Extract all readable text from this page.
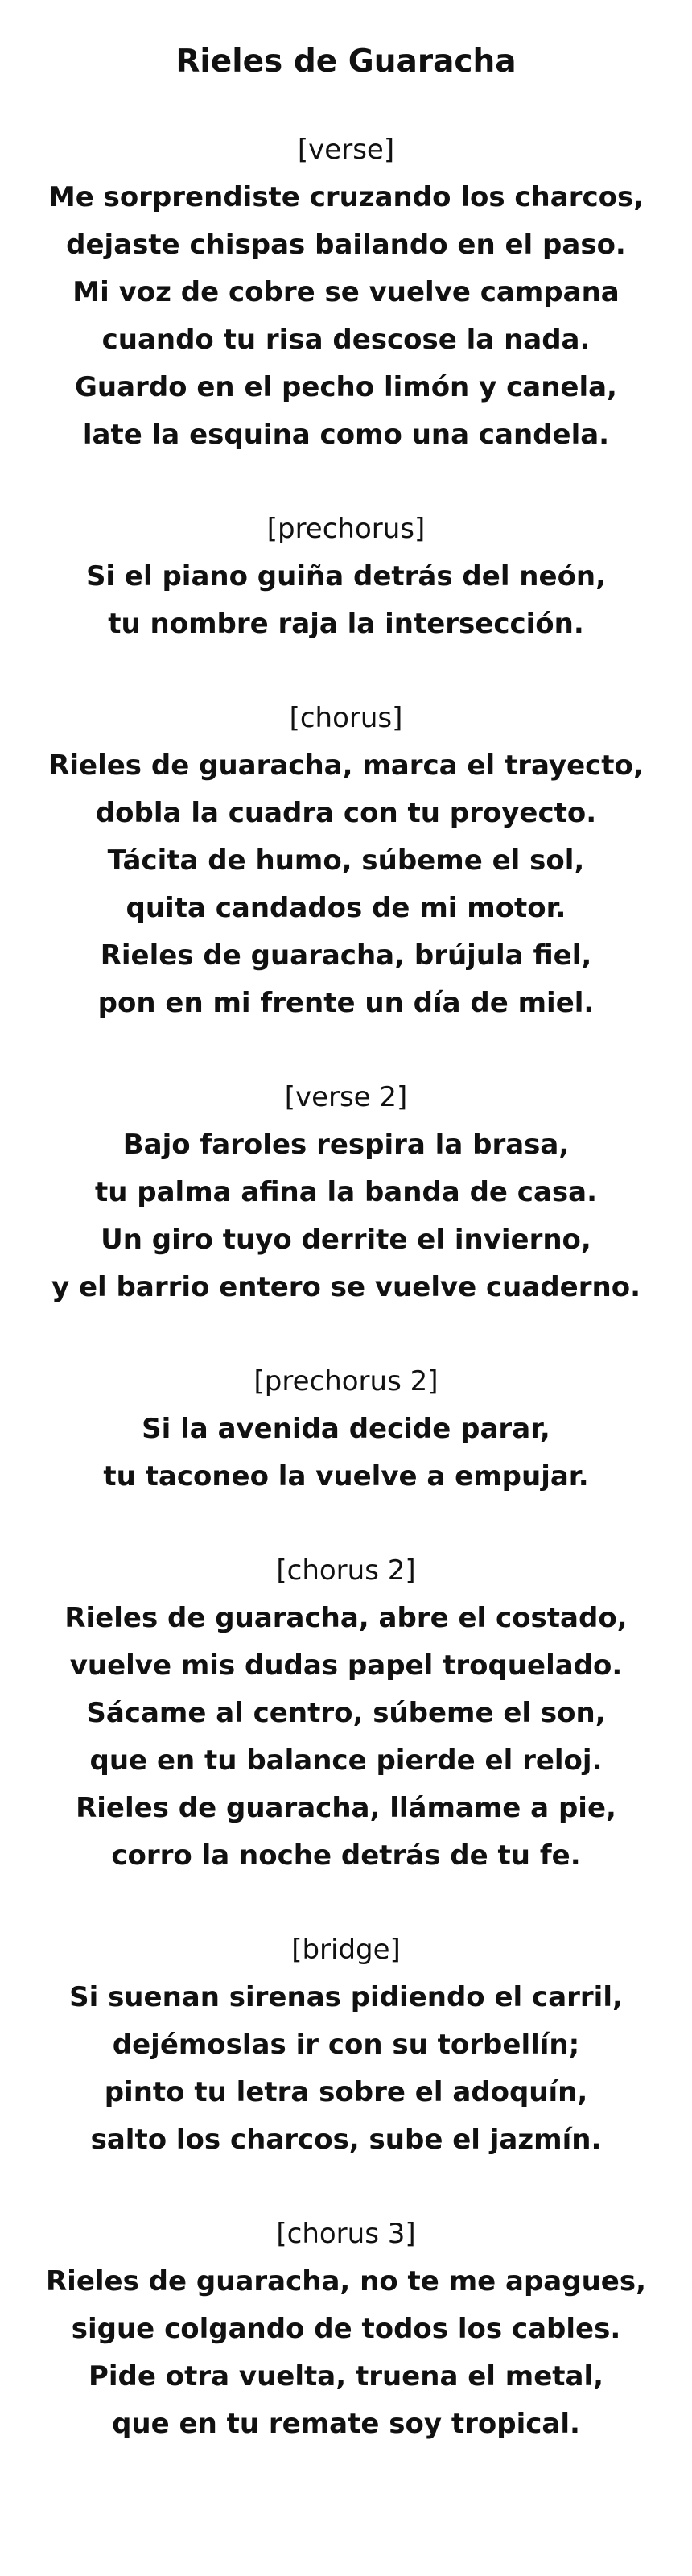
Rieles de Guaracha
[verse]
Me sorprendiste cruzando los charcos,
dejaste chispas bailando en el paso.
Mi voz de cobre se vuelve campana
cuando tu risa descose la nada.
Guardo en el pecho limón y canela,
late la esquina como una candela.
[prechorus]
Si el piano guiña detrás del neón,
tu nombre raja la intersección.
[chorus]
Rieles de guaracha, marca el trayecto,
dobla la cuadra con tu proyecto.
Tácita de humo, súbeme el sol,
quita candados de mi motor.
Rieles de guaracha, brújula fiel,
pon en mi frente un día de miel.
[verse 2]
Bajo faroles respira la brasa,
tu palma afina la banda de casa.
Un giro tuyo derrite el invierno,
y el barrio entero se vuelve cuaderno.
[prechorus 2]
Si la avenida decide parar,
tu taconeo la vuelve a empujar.
[chorus 2]
Rieles de guaracha, abre el costado,
vuelve mis dudas papel troquelado.
Sácame al centro, súbeme el son,
que en tu balance pierde el reloj.
Rieles de guaracha, llámame a pie,
corro la noche detrás de tu fe.
[bridge]
Si suenan sirenas pidiendo el carril,
dejémoslas ir con su torbellín;
pinto tu letra sobre el adoquín,
salto los charcos, sube el jazmín.
[chorus 3]
Rieles de guaracha, no te me apagues,
sigue colgando de todos los cables.
Pide otra vuelta, truena el metal,
que en tu remate soy tropical.
